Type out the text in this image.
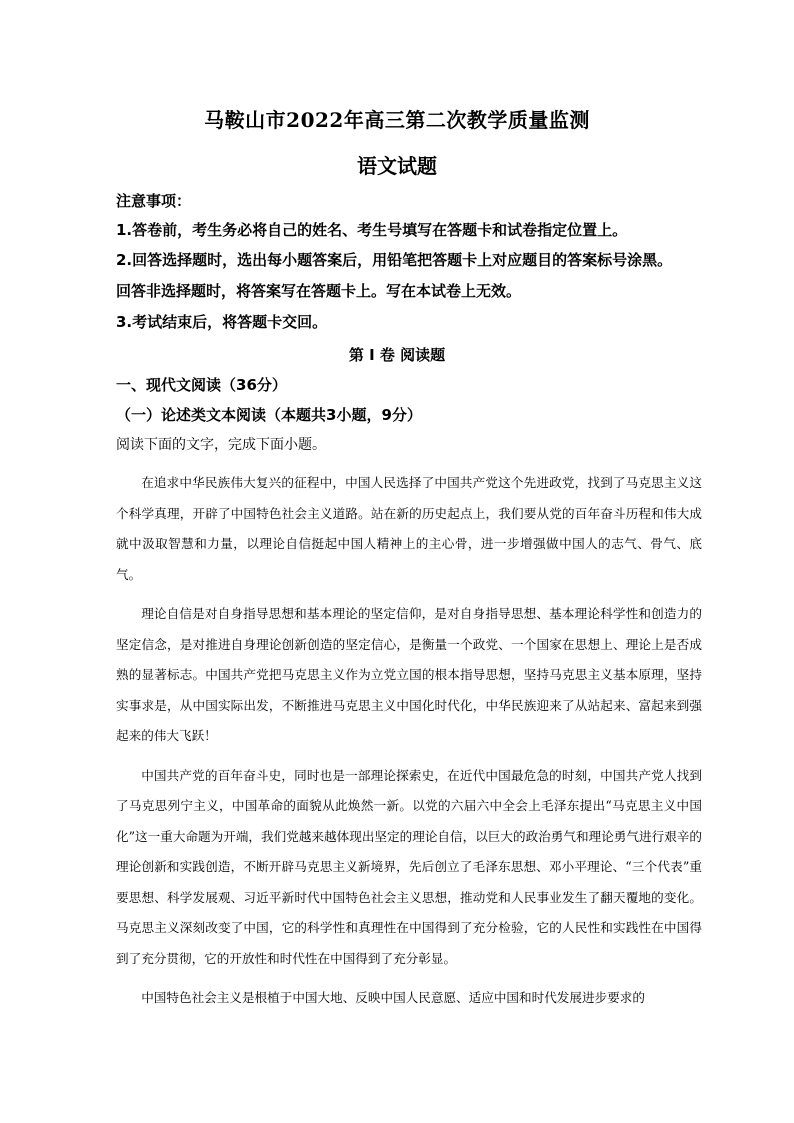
马鞍山市2022年高三第二次教学质量监测
语文试题
注意事项：
1.答卷前，考生务必将自己的姓名、考生号填写在答题卡和试卷指定位置上。
2.回答选择题时，选出每小题答案后，用铅笔把答题卡上对应题目的答案标号涂黑。
回答非选择题时，将答案写在答题卡上。写在本试卷上无效。
3.考试结束后，将答题卡交回。
第 I 卷 阅读题
一、现代文阅读（36分）
（一）论述类文本阅读（本题共3小题，9分）
阅读下面的文字，完成下面小题。

在追求中华民族伟大复兴的征程中，中国人民选择了中国共产党这个先进政党，找到了马克思主义这个科学真理，开辟了中国特色社会主义道路。站在新的历史起点上，我们要从党的百年奋斗历程和伟大成就中汲取智慧和力量，以理论自信挺起中国人精神上的主心骨，进一步增强做中国人的志气、骨气、底气。

理论自信是对自身指导思想和基本理论的坚定信仰，是对自身指导思想、基本理论科学性和创造力的坚定信念，是对推进自身理论创新创造的坚定信心，是衡量一个政党、一个国家在思想上、理论上是否成熟的显著标志。中国共产党把马克思主义作为立党立国的根本指导思想，坚持马克思主义基本原理，坚持实事求是，从中国实际出发，不断推进马克思主义中国化时代化，中华民族迎来了从站起来、富起来到强起来的伟大飞跃！

中国共产党的百年奋斗史，同时也是一部理论探索史，在近代中国最危急的时刻，中国共产党人找到了马克思列宁主义，中国革命的面貌从此焕然一新。以党的六届六中全会上毛泽东提出“马克思主义中国化”这一重大命题为开端，我们党越来越体现出坚定的理论自信，以巨大的政治勇气和理论勇气进行艰辛的理论创新和实践创造，不断开辟马克思主义新境界，先后创立了毛泽东思想、邓小平理论、“三个代表”重要思想、科学发展观、习近平新时代中国特色社会主义思想，推动党和人民事业发生了翻天覆地的变化。马克思主义深刻改变了中国，它的科学性和真理性在中国得到了充分检验，它的人民性和实践性在中国得到了充分贯彻，它的开放性和时代性在中国得到了充分彰显。

中国特色社会主义是根植于中国大地、反映中国人民意愿、适应中国和时代发展进步要求的
